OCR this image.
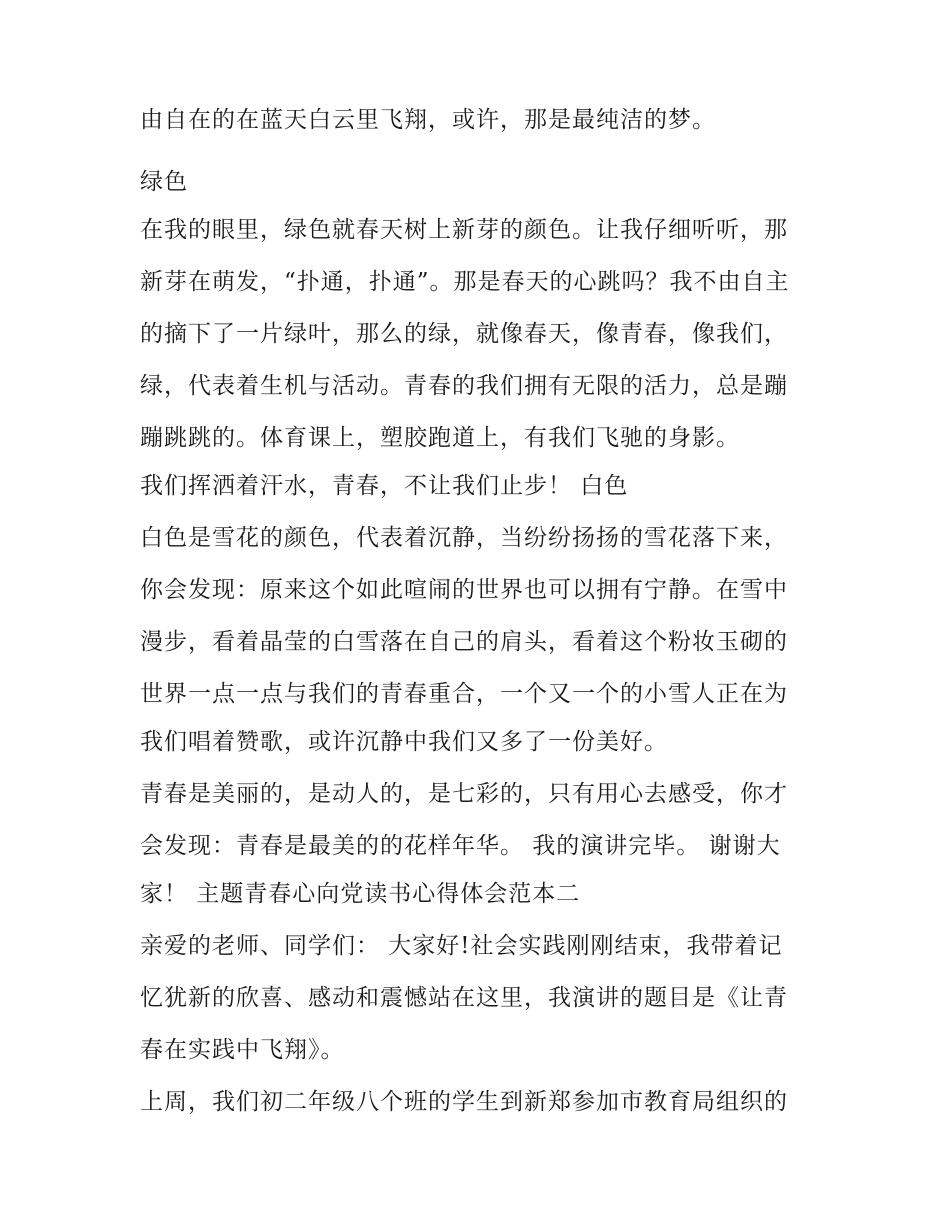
由自在的在蓝天白云里飞翔，或许，那是最纯洁的梦。
绿色
在我的眼里，绿色就春天树上新芽的颜色。让我仔细听听，那
新芽在萌发，“扑通，扑通”。那是春天的心跳吗？我不由自主
的摘下了一片绿叶，那么的绿，就像春天，像青春，像我们，
绿，代表着生机与活动。青春的我们拥有无限的活力，总是蹦
蹦跳跳的。体育课上，塑胶跑道上，有我们飞驰的身影。
我们挥洒着汗水，青春，不让我们止步！ 白色
白色是雪花的颜色，代表着沉静，当纷纷扬扬的雪花落下来，
你会发现：原来这个如此喧闹的世界也可以拥有宁静。在雪中
漫步，看着晶莹的白雪落在自己的肩头，看着这个粉妆玉砌的
世界一点一点与我们的青春重合，一个又一个的小雪人正在为
我们唱着赞歌，或许沉静中我们又多了一份美好。
青春是美丽的，是动人的，是七彩的，只有用心去感受，你才
会发现：青春是最美的的花样年华。 我的演讲完毕。 谢谢大
家！ 主题青春心向党读书心得体会范本二
亲爱的老师、同学们： 大家好!社会实践刚刚结束，我带着记
忆犹新的欣喜、感动和震憾站在这里，我演讲的题目是《让青
春在实践中飞翔》。
上周，我们初二年级八个班的学生到新郑参加市教育局组织的
